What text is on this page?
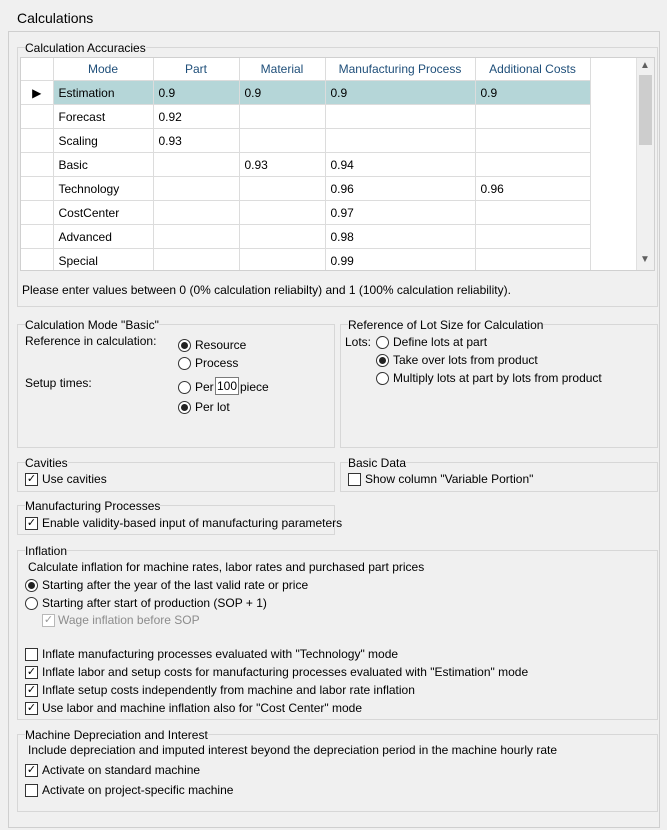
Calculations
Calculation Accuracies
	Mode	Part	Material	Manufacturing Process	Additional Costs
▶	Estimation	0.9	0.9	0.9	0.9
	Forecast	0.92			
	Scaling	0.93			
	Basic		0.93	0.94	
	Technology			0.96	0.96
	CostCenter			0.97	
	Advanced			0.98	
	Special			0.99	
▲
▼
Please enter values between 0 (0% calculation reliabilty) and 1 (100% calculation reliability).
Calculation Mode "Basic"
Reference in calculation:	Resource
Process
Setup times:	Per 100 piece
Per lot
Reference of Lot Size for Calculation
Lots: Define lots at part
Take over lots from product
Multiply lots at part by lots from product
Cavities
✓ Use cavities
Basic Data
Show column "Variable Portion"
Manufacturing Processes
✓ Enable validity-based input of manufacturing parameters
Inflation
Calculate inflation for machine rates, labor rates and purchased part prices
Starting after the year of the last valid rate or price
Starting after start of production (SOP + 1)
✓ Wage inflation before SOP
Inflate manufacturing processes evaluated with "Technology" mode
✓ Inflate labor and setup costs for manufacturing processes evaluated with "Estimation" mode
✓ Inflate setup costs independently from machine and labor rate inflation
✓ Use labor and machine inflation also for "Cost Center" mode
Machine Depreciation and Interest
Include depreciation and imputed interest beyond the depreciation period in the machine hourly rate
✓ Activate on standard machine
Activate on project-specific machine
